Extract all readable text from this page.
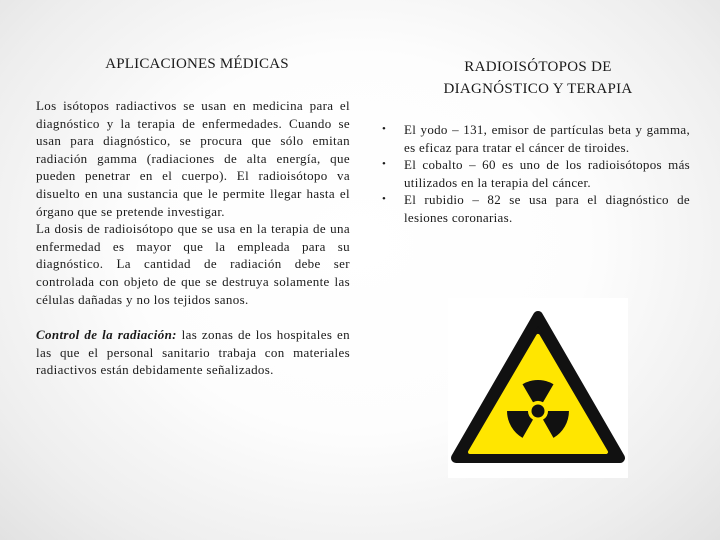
APLICACIONES MÉDICAS

Los isótopos radiactivos se usan en medicina para el diagnóstico y la terapia de enfermedades. Cuando se usan para diagnóstico, se procura que sólo emitan radiación gamma (radiaciones de alta energía, que pueden penetrar en el cuerpo). El radioisótopo va disuelto en una sustancia que le permite llegar hasta el órgano que se pretende investigar.

La dosis de radioisótopo que se usa en la terapia de una enfermedad es mayor que la empleada para su diagnóstico. La cantidad de radiación debe ser controlada con objeto de que se destruya solamente las células dañadas y no los tejidos sanos.

Control de la radiación: las zonas de los hospitales en las que el personal sanitario trabaja con materiales radiactivos están debidamente señalizados.

RADIOISÓTOPOS DE
DIAGNÓSTICO Y TERAPIA
• El yodo – 131, emisor de partículas beta y gamma, es eficaz para tratar el cáncer de tiroides.
• El cobalto – 60 es uno de los radioisótopos más utilizados en la terapia del cáncer.
• El rubidio – 82 se usa para el diagnóstico de lesiones coronarias.
